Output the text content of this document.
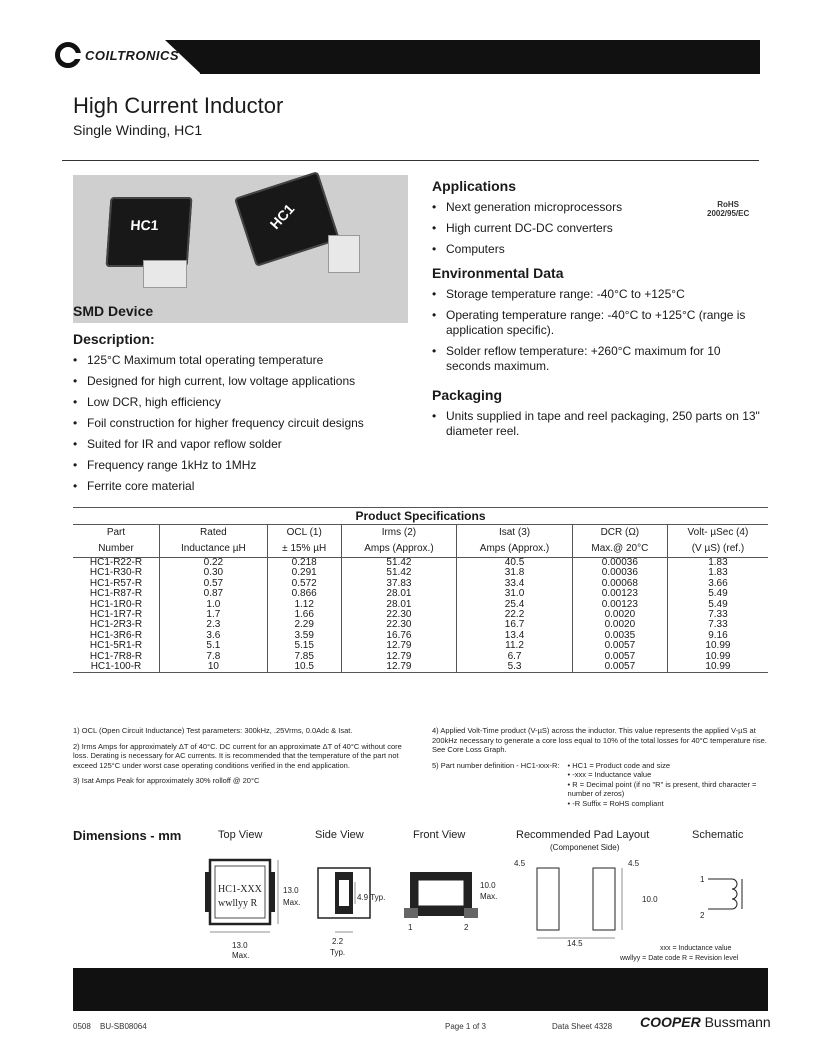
COILTRONICS
High Current Inductor
Single Winding, HC1
HC1	HC1
SMD Device
RoHS
2002/95/EC
Description:
• 125°C Maximum total operating temperature
• Designed for high current, low voltage applications
• Low DCR, high efficiency
• Foil construction for higher frequency circuit designs
• Suited for IR and vapor reflow solder
• Frequency range 1kHz to 1MHz
• Ferrite core material
Applications
• Next generation microprocessors
• High current DC-DC converters
• Computers
Environmental Data
• Storage temperature range: -40°C to +125°C
• Operating temperature range: -40°C to +125°C (range is application specific).
• Solder reflow temperature: +260°C maximum for 10 seconds maximum.
Packaging
• Units supplied in tape and reel packaging, 250 parts on 13" diameter reel.
Product Specifications						
Part	Rated	OCL (1)	Irms (2)	Isat (3)	DCR (Ω)	Volt- µSec (4)
Number	Inductance µH	± 15% µH	Amps (Approx.)	Amps (Approx.)	Max.@ 20°C	(V µS) (ref.)
HC1-R22-R	0.22	0.218	51.42	40.5	0.00036	1.83
HC1-R30-R	0.30	0.291	51.42	31.8	0.00036	1.83
HC1-R57-R	0.57	0.572	37.83	33.4	0.00068	3.66
HC1-R87-R	0.87	0.866	28.01	31.0	0.00123	5.49
HC1-1R0-R	1.0	1.12	28.01	25.4	0.00123	5.49
HC1-1R7-R	1.7	1.66	22.30	22.2	0.0020	7.33
HC1-2R3-R	2.3	2.29	22.30	16.7	0.0020	7.33
HC1-3R6-R	3.6	3.59	16.76	13.4	0.0035	9.16
HC1-5R1-R	5.1	5.15	12.79	11.2	0.0057	10.99
HC1-7R8-R	7.8	7.85	12.79	6.7	0.0057	10.99
HC1-100-R	10	10.5	12.79	5.3	0.0057	10.99

1) OCL (Open Circuit Inductance) Test parameters: 300kHz, .25Vrms, 0.0Adc & Isat.

2) Irms Amps for approximately ΔT of 40°C. DC current for an approximate ΔT of 40°C without core loss. Derating is necessary for AC currents. It is recommended that the temperature of the part not exceed 125°C under worst case operating conditions verified in the end application.

3) Isat Amps Peak for approximately 30% rolloff @ 20°C

4) Applied Volt-Time product (V-µS) across the inductor. This value represents the applied V-µS at 200kHz necessary to generate a core loss equal to 10% of the total losses for 40°C temperature rise. See Core Loss Graph.

5) Part number definition - HC1-xxx-R: • HC1 = Product code and size
• -xxx = Inductance value
• R = Decimal point (if no "R" is present, third character = number of zeros)
• -R Suffix = RoHS compliant
Dimensions - mm	Top View	Side View	Front View	Recommended Pad Layout
(Componenet Side)
Schematic
HC1-XXX
wwllyy R
13.0
Max.
13.0
Max.
4.9 Typ.
2.2
Typ.
10.0
Max.
1	2
4.5	4.5
10.0
14.5
1
2
xxx = Inductance value
wwllyy = Date code R = Revision level
0508 BU-SB08064	Page 1 of 3	Data Sheet 4328 COOPER Bussmann
